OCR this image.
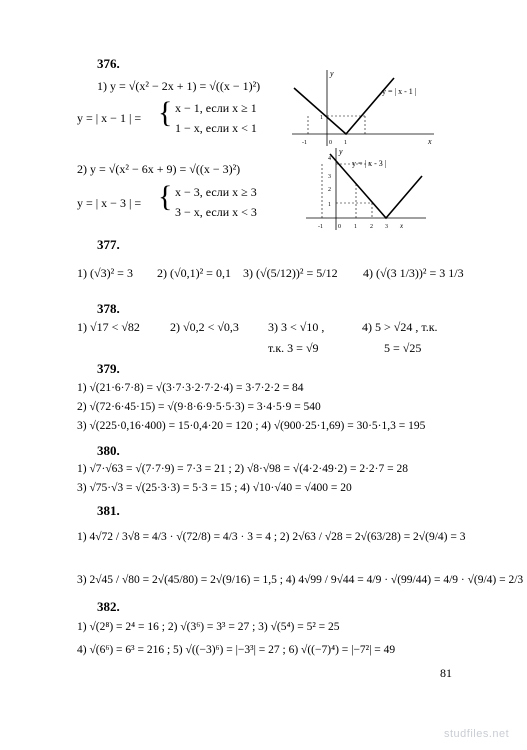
376.
1) y = √(x² − 2x + 1) = √((x − 1)²)
y = | x − 1 | = { x − 1, если x ≥ 1
1 − x, если x < 1
2) y = √(x² − 6x + 9) = √((x − 3)²)
y = | x − 3 | = { x − 3, если x ≥ 3
3 − x, если x < 3
y
x
y = | x - 1 |
-1	0 1
1
y
y = | x - 3 |
4
3
2
1
-1	0 1 2 3 x
377.
1) (√3)² = 3 2) (√0,1)² = 0,1 3) (√(5/12))² = 5/12 4) (√(3 1/3))² = 3 1/3
378.
1) √17 < √82	2) √0,2 < √0,3 3) 3 < √10 ,	4) 5 > √24 , т.к.
т.к. 3 = √9	5 = √25
379.
1) √(21·6·7·8) = √(3·7·3·2·7·2·4) = 3·7·2·2 = 84
2) √(72·6·45·15) = √(9·8·6·9·5·5·3) = 3·4·5·9 = 540
3) √(225·0,16·400) = 15·0,4·20 = 120 ; 4) √(900·25·1,69) = 30·5·1,3 = 195
380.
1) √7·√63 = √(7·7·9) = 7·3 = 21 ; 2) √8·√98 = √(4·2·49·2) = 2·2·7 = 28
3) √75·√3 = √(25·3·3) = 5·3 = 15 ; 4) √10·√40 = √400 = 20
381.
1) 4√72 / 3√8 = 4/3 · √(72/8) = 4/3 · 3 = 4 ; 2) 2√63 / √28 = 2√(63/28) = 2√(9/4) = 3
3) 2√45 / √80 = 2√(45/80) = 2√(9/16) = 1,5 ; 4) 4√99 / 9√44 = 4/9 · √(99/44) = 4/9 · √(9/4) = 2/3
382.
1) √(2⁸) = 2⁴ = 16 ; 2) √(3⁶) = 3³ = 27 ; 3) √(5⁴) = 5² = 25
4) √(6⁶) = 6³ = 216 ; 5) √((−3)⁶) = |−3³| = 27 ; 6) √((−7)⁴) = |−7²| = 49
81
studfiles.net
